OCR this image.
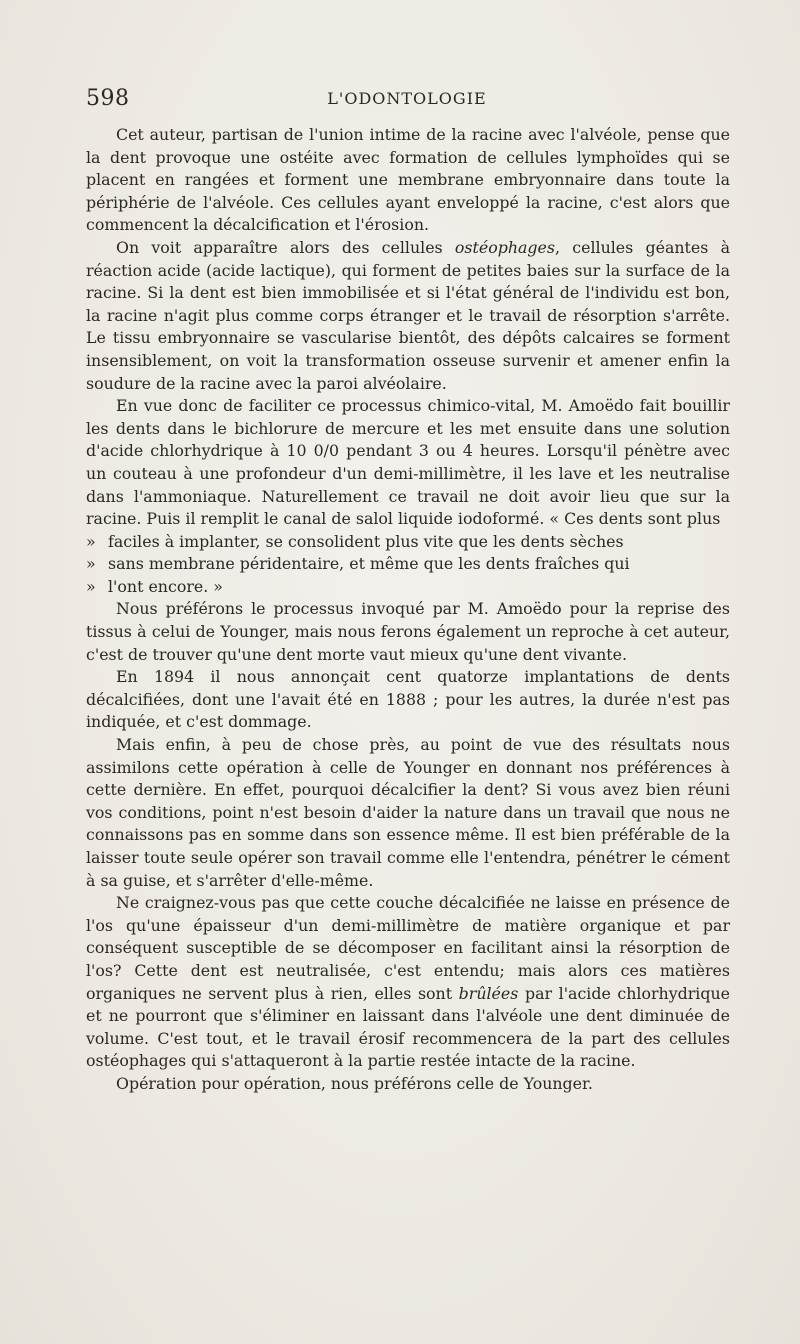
598	L'ODONTOLOGIE

Cet auteur, partisan de l'union intime de la racine avec l'alvéole, pense que la dent provoque une ostéite avec formation de cellules lymphoïdes qui se placent en rangées et forment une membrane embryonnaire dans toute la périphérie de l'alvéole. Ces cellules ayant enveloppé la racine, c'est alors que commencent la décalcification et l'érosion.

On voit apparaître alors des cellules ostéophages, cellules géantes à réaction acide (acide lactique), qui forment de petites baies sur la surface de la racine. Si la dent est bien immobilisée et si l'état général de l'individu est bon, la racine n'agit plus comme corps étranger et le travail de résorption s'arrête. Le tissu embryonnaire se vascularise bientôt, des dépôts calcaires se forment insensiblement, on voit la transformation osseuse survenir et amener enfin la soudure de la racine avec la paroi alvéolaire.

En vue donc de faciliter ce processus chimico-vital, M. Amoëdo fait bouillir les dents dans le bichlorure de mercure et les met ensuite dans une solution d'acide chlorhydrique à 10 0/0 pendant 3 ou 4 heures. Lorsqu'il pénètre avec un couteau à une profondeur d'un demi-millimètre, il les lave et les neutralise dans l'ammoniaque. Naturellement ce travail ne doit avoir lieu que sur la racine. Puis il remplit le canal de salol liquide iodoformé. « Ces dents sont plus

» faciles à implanter, se consolident plus vite que les dents sèches

» sans membrane péridentaire, et même que les dents fraîches qui

» l'ont encore. »

Nous préférons le processus invoqué par M. Amoëdo pour la reprise des tissus à celui de Younger, mais nous ferons également un reproche à cet auteur, c'est de trouver qu'une dent morte vaut mieux qu'une dent vivante.

En 1894 il nous annonçait cent quatorze implantations de dents décalcifiées, dont une l'avait été en 1888 ; pour les autres, la durée n'est pas indiquée, et c'est dommage.

Mais enfin, à peu de chose près, au point de vue des résultats nous assimilons cette opération à celle de Younger en donnant nos préférences à cette dernière. En effet, pourquoi décalcifier la dent? Si vous avez bien réuni vos conditions, point n'est besoin d'aider la nature dans un travail que nous ne connaissons pas en somme dans son essence même. Il est bien préférable de la laisser toute seule opérer son travail comme elle l'entendra, pénétrer le cément à sa guise, et s'arrêter d'elle-même.

Ne craignez-vous pas que cette couche décalcifiée ne laisse en présence de l'os qu'une épaisseur d'un demi-millimètre de matière organique et par conséquent susceptible de se décomposer en facilitant ainsi la résorption de l'os? Cette dent est neutralisée, c'est entendu; mais alors ces matières organiques ne servent plus à rien, elles sont brûlées par l'acide chlorhydrique et ne pourront que s'éliminer en laissant dans l'alvéole une dent diminuée de volume. C'est tout, et le travail érosif recommencera de la part des cellules ostéophages qui s'attaqueront à la partie restée intacte de la racine.

Opération pour opération, nous préférons celle de Younger.
